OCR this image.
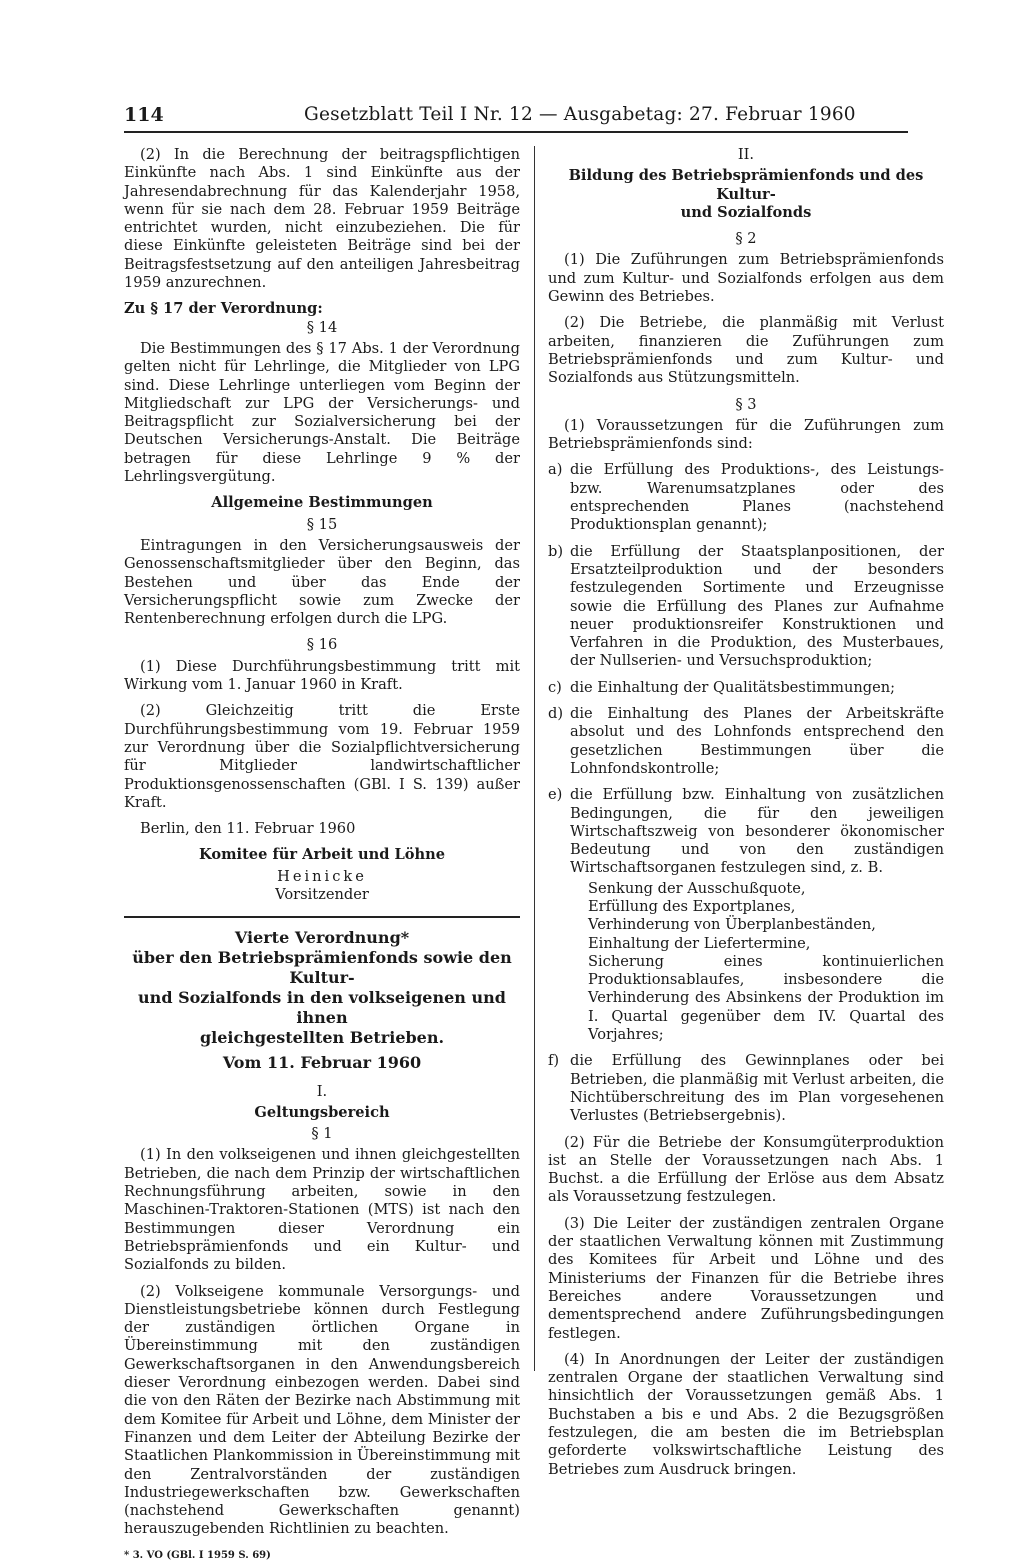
114	Gesetzblatt Teil I Nr. 12 — Ausgabetag: 27. Februar 1960

(2) In die Berechnung der beitragspflichtigen Einkünfte nach Abs. 1 sind Einkünfte aus der Jahresendabrechnung für das Kalenderjahr 1958, wenn für sie nach dem 28. Februar 1959 Beiträge entrichtet wurden, nicht einzubeziehen. Die für diese Einkünfte geleisteten Beiträge sind bei der Beitragsfestsetzung auf den anteiligen Jahresbeitrag 1959 anzurechnen.

Zu § 17 der Verordnung:

§ 14

Die Bestimmungen des § 17 Abs. 1 der Verordnung gelten nicht für Lehrlinge, die Mitglieder von LPG sind. Diese Lehrlinge unterliegen vom Beginn der Mitgliedschaft zur LPG der Versicherungs- und Beitragspflicht zur Sozialversicherung bei der Deutschen Versicherungs-Anstalt. Die Beiträge betragen für diese Lehrlinge 9 % der Lehrlingsvergütung.

Allgemeine Bestimmungen
§ 15

Eintragungen in den Versicherungsausweis der Genossenschaftsmitglieder über den Beginn, das Bestehen und über das Ende der Versicherungspflicht sowie zum Zwecke der Rentenberechnung erfolgen durch die LPG.

§ 16

(1) Diese Durchführungsbestimmung tritt mit Wirkung vom 1. Januar 1960 in Kraft.

(2) Gleichzeitig tritt die Erste Durchführungsbestimmung vom 19. Februar 1959 zur Verordnung über die Sozialpflichtversicherung für Mitglieder landwirtschaftlicher Produktionsgenossenschaften (GBl. I S. 139) außer Kraft.

Berlin, den 11. Februar 1960

Komitee für Arbeit und Löhne
Heinicke
Vorsitzender
Vierte Verordnung*
über den Betriebsprämienfonds sowie den Kultur-
und Sozialfonds in den volkseigenen und ihnen
gleichgestellten Betrieben.
Vom 11. Februar 1960
I.
Geltungsbereich
§ 1

(1) In den volkseigenen und ihnen gleichgestellten Betrieben, die nach dem Prinzip der wirtschaftlichen Rechnungsführung arbeiten, sowie in den Maschinen-Traktoren-Stationen (MTS) ist nach den Bestimmungen dieser Verordnung ein Betriebsprämienfonds und ein Kultur- und Sozialfonds zu bilden.

(2) Volkseigene kommunale Versorgungs- und Dienstleistungsbetriebe können durch Festlegung der zuständigen örtlichen Organe in Übereinstimmung mit den zuständigen Gewerkschaftsorganen in den Anwendungsbereich dieser Verordnung einbezogen werden. Dabei sind die von den Räten der Bezirke nach Abstimmung mit dem Komitee für Arbeit und Löhne, dem Minister der Finanzen und dem Leiter der Abteilung Bezirke der Staatlichen Plankommission in Übereinstimmung mit den Zentralvorständen der zuständigen Industriegewerkschaften bzw. Gewerkschaften (nachstehend Gewerkschaften genannt) herauszugebenden Richtlinien zu beachten.

* 3. VO (GBl. I 1959 S. 69)
II.
Bildung des Betriebsprämienfonds und des Kultur-
und Sozialfonds
§ 2

(1) Die Zuführungen zum Betriebsprämienfonds und zum Kultur- und Sozialfonds erfolgen aus dem Gewinn des Betriebes.

(2) Die Betriebe, die planmäßig mit Verlust arbeiten, finanzieren die Zuführungen zum Betriebsprämienfonds und zum Kultur- und Sozialfonds aus Stützungsmitteln.

§ 3

(1) Voraussetzungen für die Zuführungen zum Betriebsprämienfonds sind:

a) die Erfüllung des Produktions-, des Leistungs- bzw. Warenumsatzplanes oder des entsprechenden Planes (nachstehend Produktionsplan genannt);
b) die Erfüllung der Staatsplanpositionen, der Ersatzteilproduktion und der besonders festzulegenden Sortimente und Erzeugnisse sowie die Erfüllung des Planes zur Aufnahme neuer produktionsreifer Konstruktionen und Verfahren in die Produktion, des Musterbaues, der Nullserien- und Versuchsproduktion;
c) die Einhaltung der Qualitätsbestimmungen;
d) die Einhaltung des Planes der Arbeitskräfte absolut und des Lohnfonds entsprechend den gesetzlichen Bestimmungen über die Lohnfondskontrolle;
e) die Erfüllung bzw. Einhaltung von zusätzlichen Bedingungen, die für den jeweiligen Wirtschaftszweig von besonderer ökonomischer Bedeutung und von den zuständigen Wirtschaftsorganen festzulegen sind, z. B.
Senkung der Ausschußquote,
Erfüllung des Exportplanes,
Verhinderung von Überplanbeständen,
Einhaltung der Liefertermine,
Sicherung eines kontinuierlichen Produktionsablaufes, insbesondere die Verhinderung des Absinkens der Produktion im I. Quartal gegenüber dem IV. Quartal des Vorjahres;
f) die Erfüllung des Gewinnplanes oder bei Betrieben, die planmäßig mit Verlust arbeiten, die Nichtüberschreitung des im Plan vorgesehenen Verlustes (Betriebsergebnis).

(2) Für die Betriebe der Konsumgüterproduktion ist an Stelle der Voraussetzungen nach Abs. 1 Buchst. a die Erfüllung der Erlöse aus dem Absatz als Voraussetzung festzulegen.

(3) Die Leiter der zuständigen zentralen Organe der staatlichen Verwaltung können mit Zustimmung des Komitees für Arbeit und Löhne und des Ministeriums der Finanzen für die Betriebe ihres Bereiches andere Voraussetzungen und dementsprechend andere Zuführungsbedingungen festlegen.

(4) In Anordnungen der Leiter der zuständigen zentralen Organe der staatlichen Verwaltung sind hinsichtlich der Voraussetzungen gemäß Abs. 1 Buchstaben a bis e und Abs. 2 die Bezugsgrößen festzulegen, die am besten die im Betriebsplan geforderte volkswirtschaftliche Leistung des Betriebes zum Ausdruck bringen.
